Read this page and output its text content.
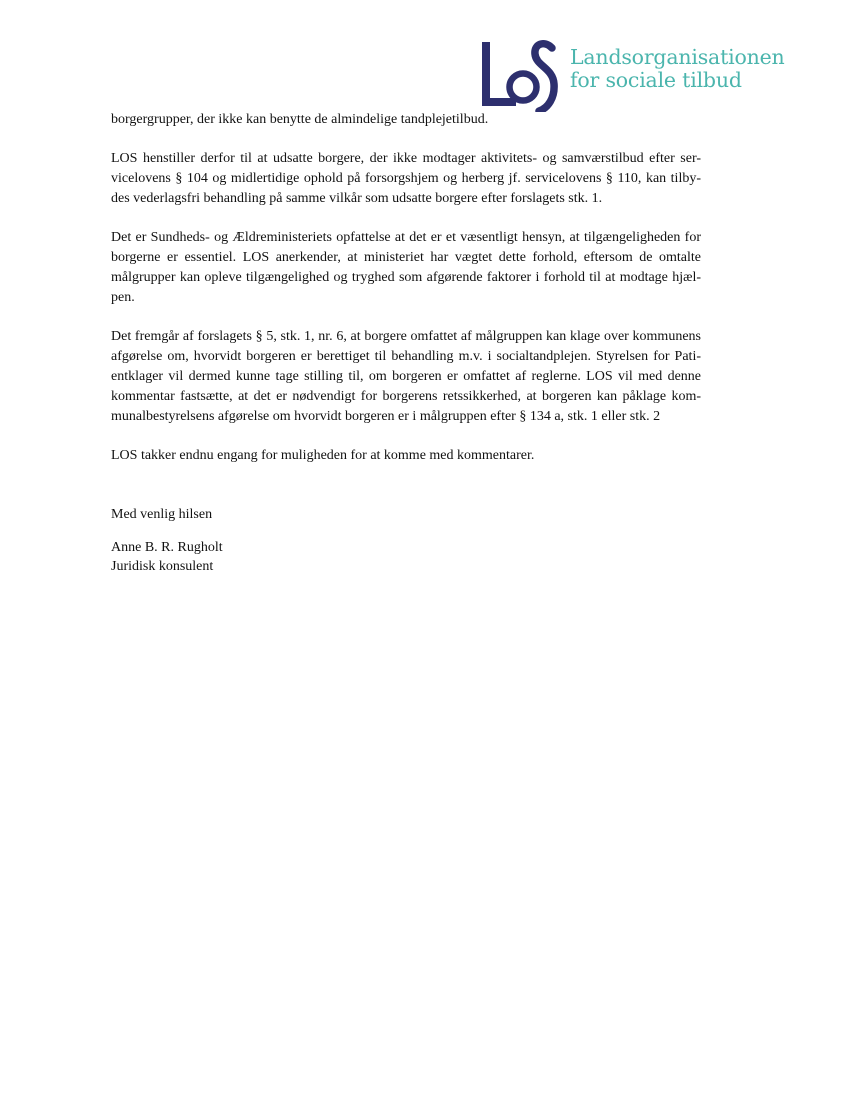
Landsorganisationen
for sociale tilbud

borgergrupper, der ikke kan benytte de almindelige tandplejetilbud.

LOS henstiller derfor til at udsatte borgere, der ikke modtager aktivitets- og samværstilbud efter ser-
vicelovens § 104 og midlertidige ophold på forsorgshjem og herberg jf. servicelovens § 110, kan tilby-
des vederlagsfri behandling på samme vilkår som udsatte borgere efter forslagets stk. 1.

Det er Sundheds- og Ældreministeriets opfattelse at det er et væsentligt hensyn, at tilgængeligheden for
borgerne er essentiel. LOS anerkender, at ministeriet har vægtet dette forhold, eftersom de omtalte
målgrupper kan opleve tilgængelighed og tryghed som afgørende faktorer i forhold til at modtage hjæl-
pen.

Det fremgår af forslagets § 5, stk. 1, nr. 6, at borgere omfattet af målgruppen kan klage over kommunens
afgørelse om, hvorvidt borgeren er berettiget til behandling m.v. i socialtandplejen. Styrelsen for Pati-
entklager vil dermed kunne tage stilling til, om borgeren er omfattet af reglerne. LOS vil med denne
kommentar fastsætte, at det er nødvendigt for borgerens retssikkerhed, at borgeren kan påklage kom-
munalbestyrelsens afgørelse om hvorvidt borgeren er i målgruppen efter § 134 a, stk. 1 eller stk. 2

LOS takker endnu engang for muligheden for at komme med kommentarer.

Med venlig hilsen
Anne B. R. Rugholt
Juridisk konsulent
